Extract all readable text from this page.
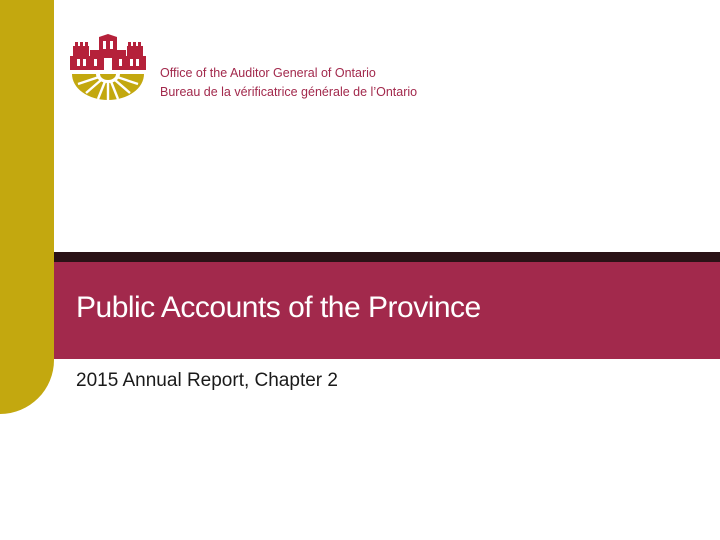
Office of the Auditor General of Ontario
Bureau de la vérificatrice générale de l’Ontario
Public Accounts of the Province
2015 Annual Report, Chapter 2
